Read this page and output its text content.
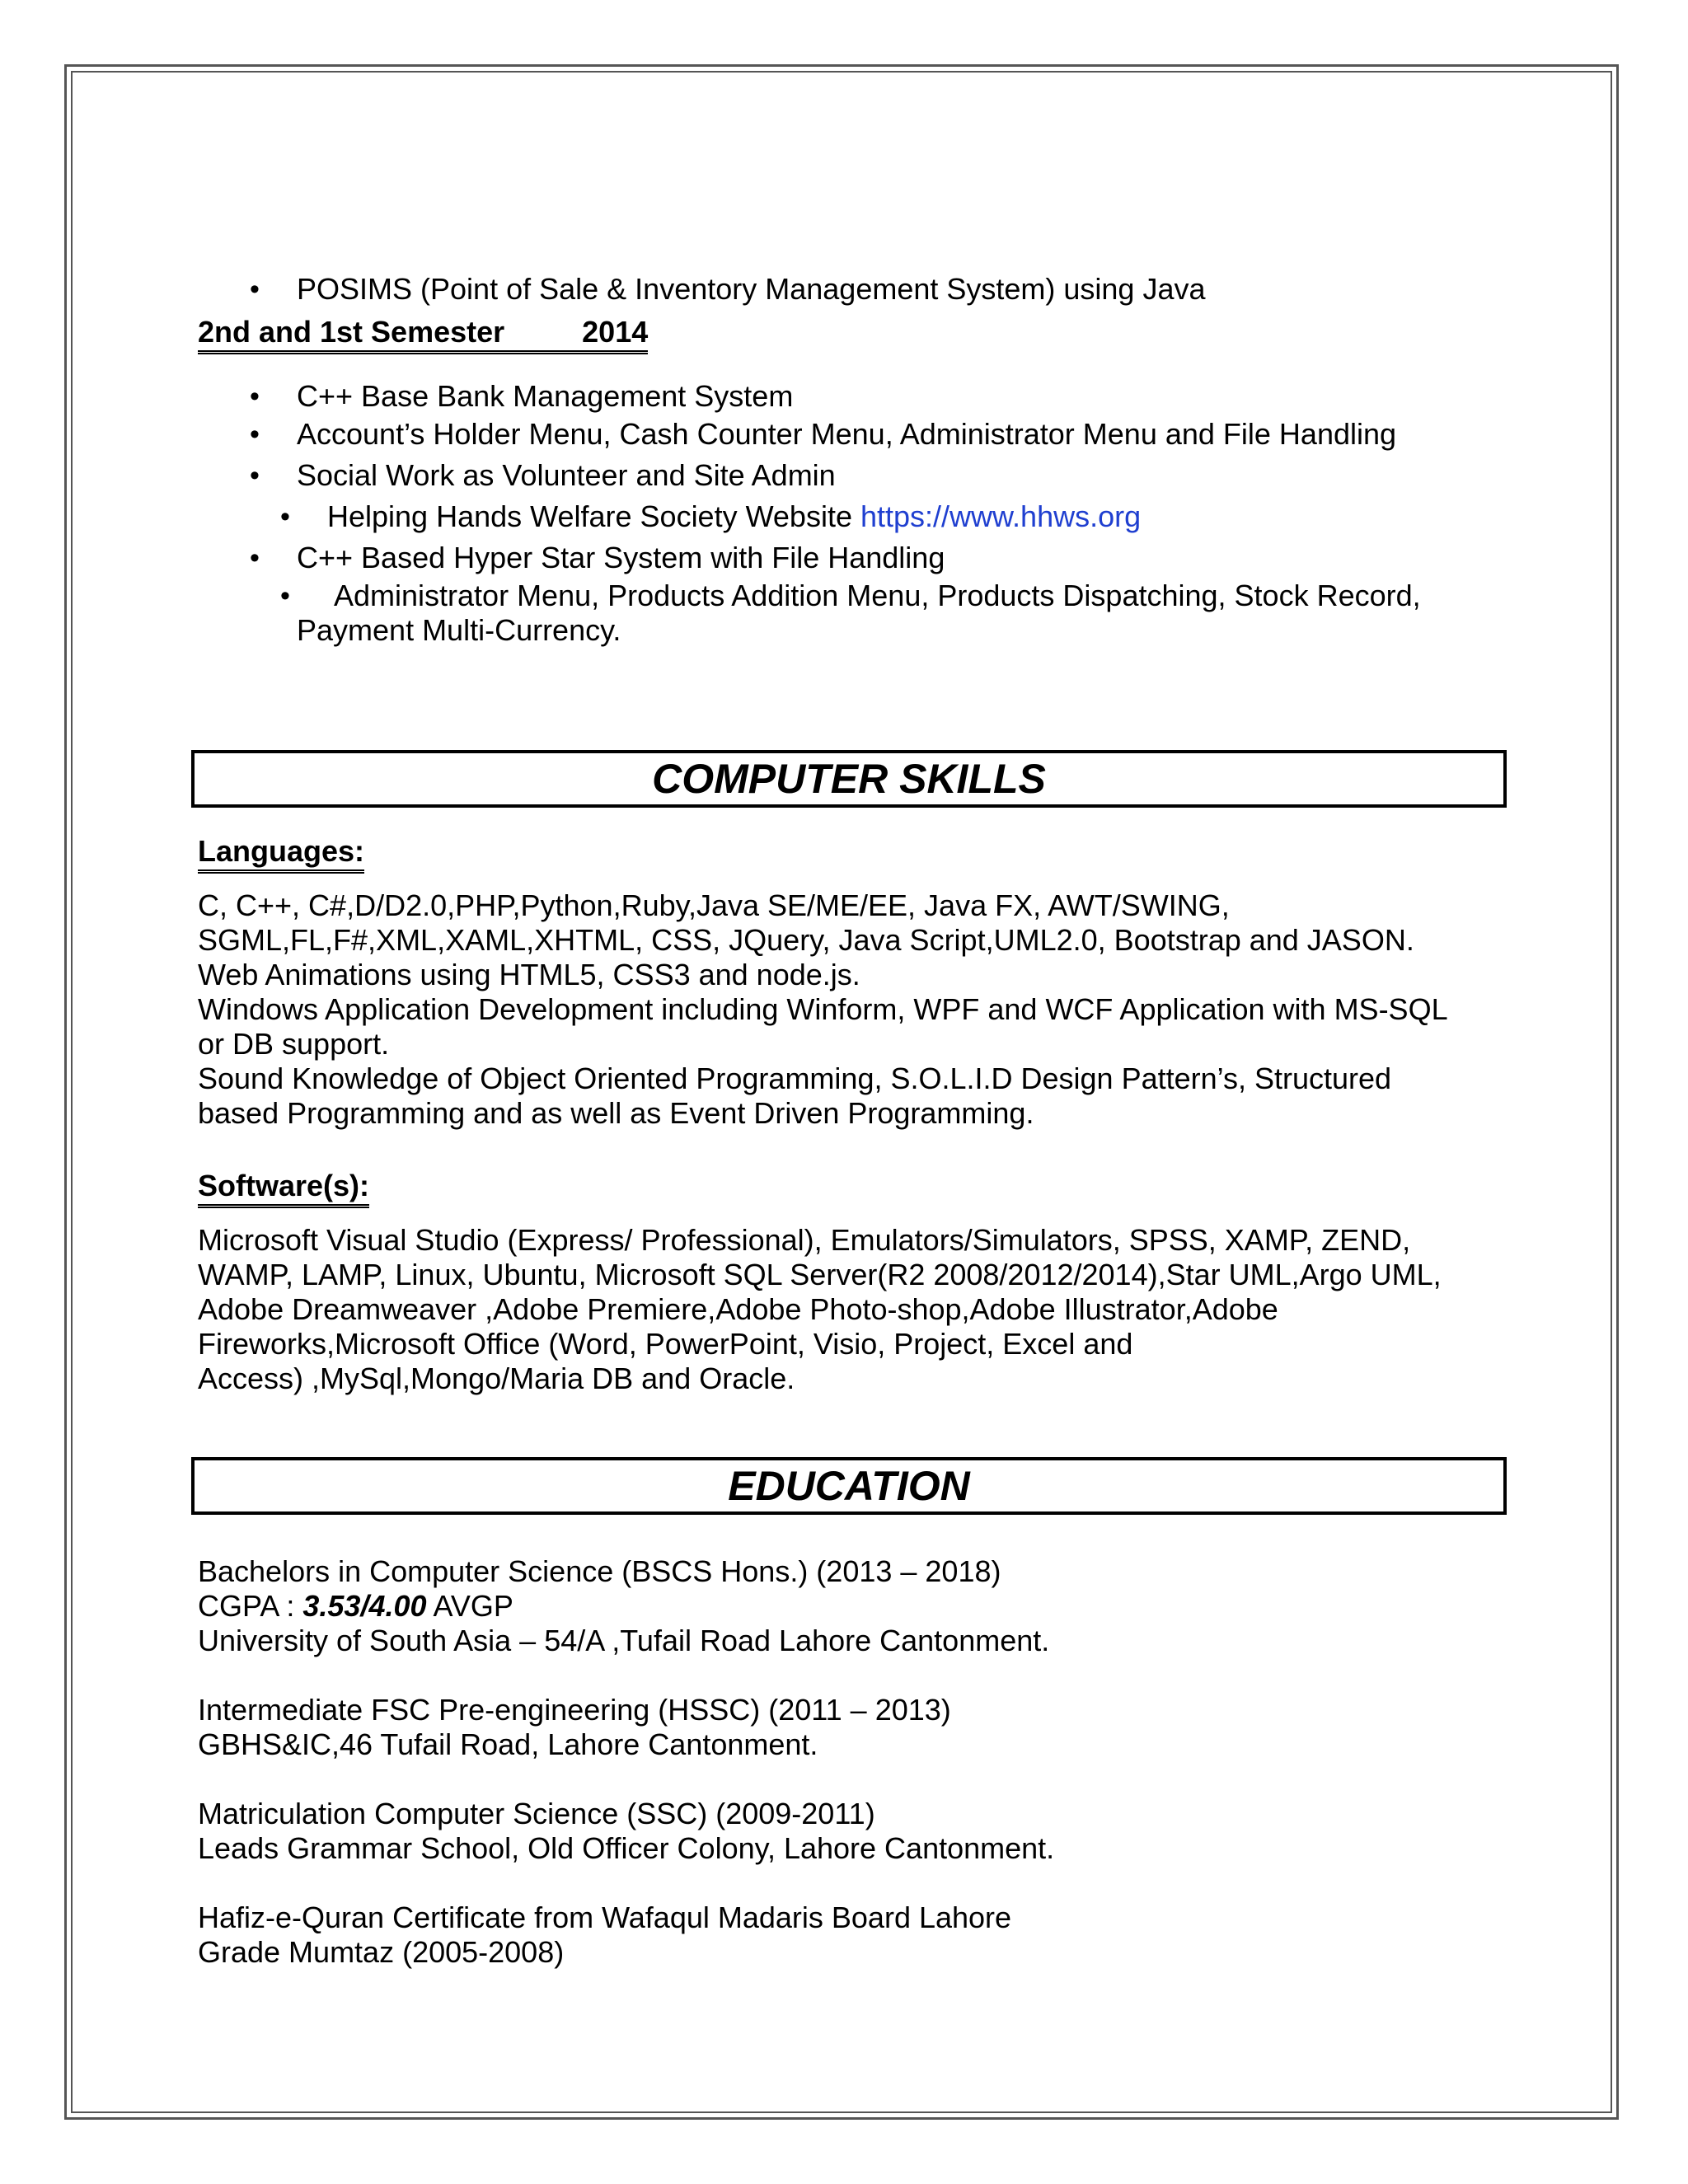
• POSIMS (Point of Sale & Inventory Management System) using Java
2nd and 1st Semester	2014
• C++ Base Bank Management System
• Account’s Holder Menu, Cash Counter Menu, Administrator Menu and File Handling
• Social Work as Volunteer and Site Admin
• Helping Hands Welfare Society Website https://www.hhws.org
• C++ Based Hyper Star System with File Handling
• Administrator Menu, Products Addition Menu, Products Dispatching, Stock Record,
Payment Multi-Currency.
COMPUTER SKILLS
Languages:

C, C++, C#,D/D2.0,PHP,Python,Ruby,Java SE/ME/EE, Java FX, AWT/SWING,

SGML,FL,F#,XML,XAML,XHTML, CSS, JQuery, Java Script,UML2.0, Bootstrap and JASON.

Web Animations using HTML5, CSS3 and node.js.

Windows Application Development including Winform, WPF and WCF Application with MS-SQL

or DB support.

Sound Knowledge of Object Oriented Programming, S.O.L.I.D Design Pattern’s, Structured

based Programming and as well as Event Driven Programming.

Software(s):

Microsoft Visual Studio (Express/ Professional), Emulators/Simulators, SPSS, XAMP, ZEND,

WAMP, LAMP, Linux, Ubuntu, Microsoft SQL Server(R2 2008/2012/2014),Star UML,Argo UML,

Adobe Dreamweaver ,Adobe Premiere,Adobe Photo-shop,Adobe Illustrator,Adobe

Fireworks,Microsoft Office (Word, PowerPoint, Visio, Project, Excel and

Access) ,MySql,Mongo/Maria DB and Oracle.

EDUCATION

Bachelors in Computer Science (BSCS Hons.) (2013 – 2018)

CGPA : 3.53/4.00 AVGP

University of South Asia – 54/A ,Tufail Road Lahore Cantonment.

Intermediate FSC Pre-engineering (HSSC) (2011 – 2013)

GBHS&IC,46 Tufail Road, Lahore Cantonment.

Matriculation Computer Science (SSC) (2009-2011)

Leads Grammar School, Old Officer Colony, Lahore Cantonment.

Hafiz-e-Quran Certificate from Wafaqul Madaris Board Lahore

Grade Mumtaz (2005-2008)
